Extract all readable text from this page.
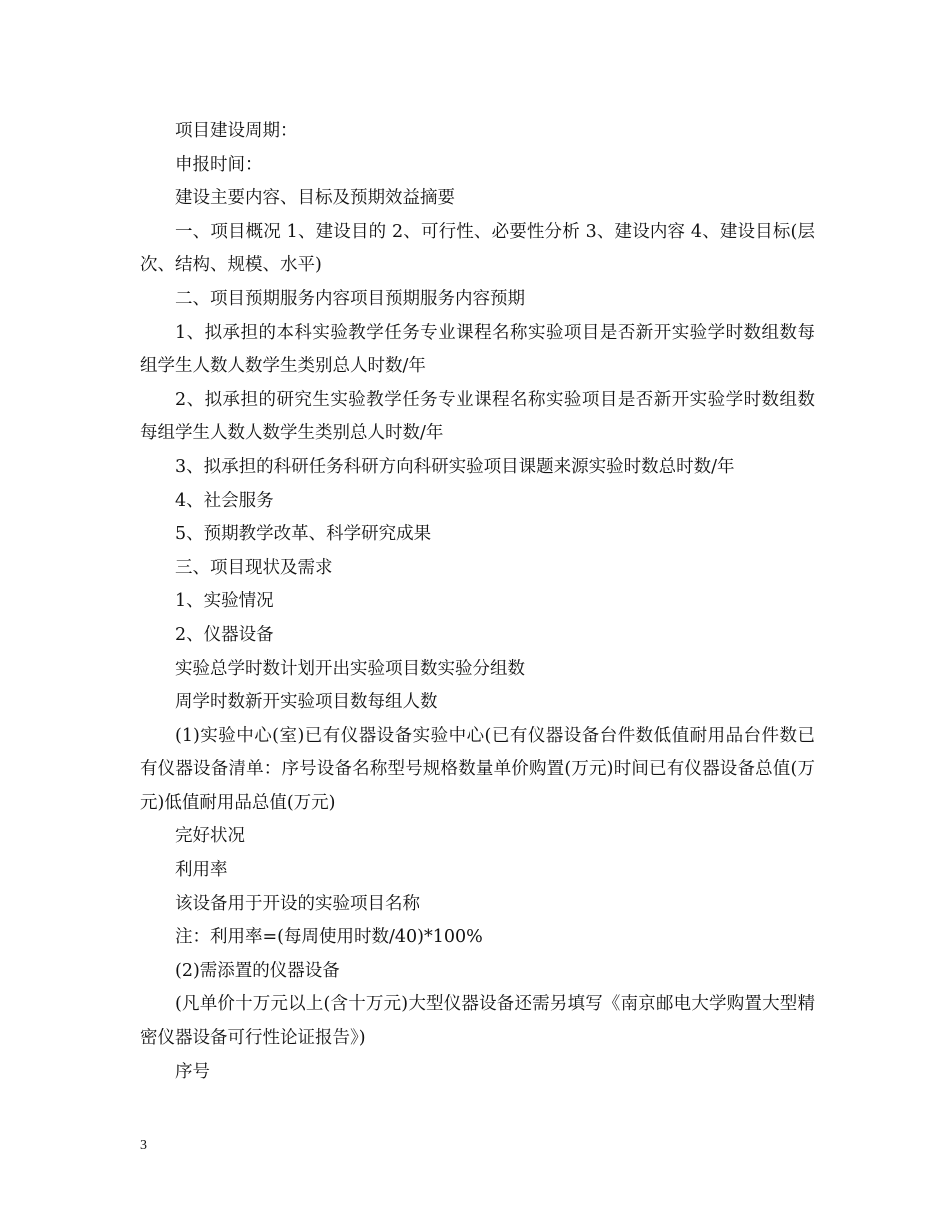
项目建设周期：

申报时间：

建设主要内容、目标及预期效益摘要

一、项目概况 1、建设目的 2、可行性、必要性分析 3、建设内容 4、建设目标(层次、结构、规模、水平)

二、项目预期服务内容项目预期服务内容预期

1、拟承担的本科实验教学任务专业课程名称实验项目是否新开实验学时数组数每组学生人数人数学生类别总人时数/年

2、拟承担的研究生实验教学任务专业课程名称实验项目是否新开实验学时数组数每组学生人数人数学生类别总人时数/年

3、拟承担的科研任务科研方向科研实验项目课题来源实验时数总时数/年

4、社会服务

5、预期教学改革、科学研究成果

三、项目现状及需求

1、实验情况

2、仪器设备

实验总学时数计划开出实验项目数实验分组数

周学时数新开实验项目数每组人数

(1)实验中心(室)已有仪器设备实验中心(已有仪器设备台件数低值耐用品台件数已有仪器设备清单：序号设备名称型号规格数量单价购置(万元)时间已有仪器设备总值(万元)低值耐用品总值(万元)

完好状况

利用率

该设备用于开设的实验项目名称

注：利用率=(每周使用时数/40)*100%

(2)需添置的仪器设备

(凡单价十万元以上(含十万元)大型仪器设备还需另填写《南京邮电大学购置大型精密仪器设备可行性论证报告》)

序号

3
